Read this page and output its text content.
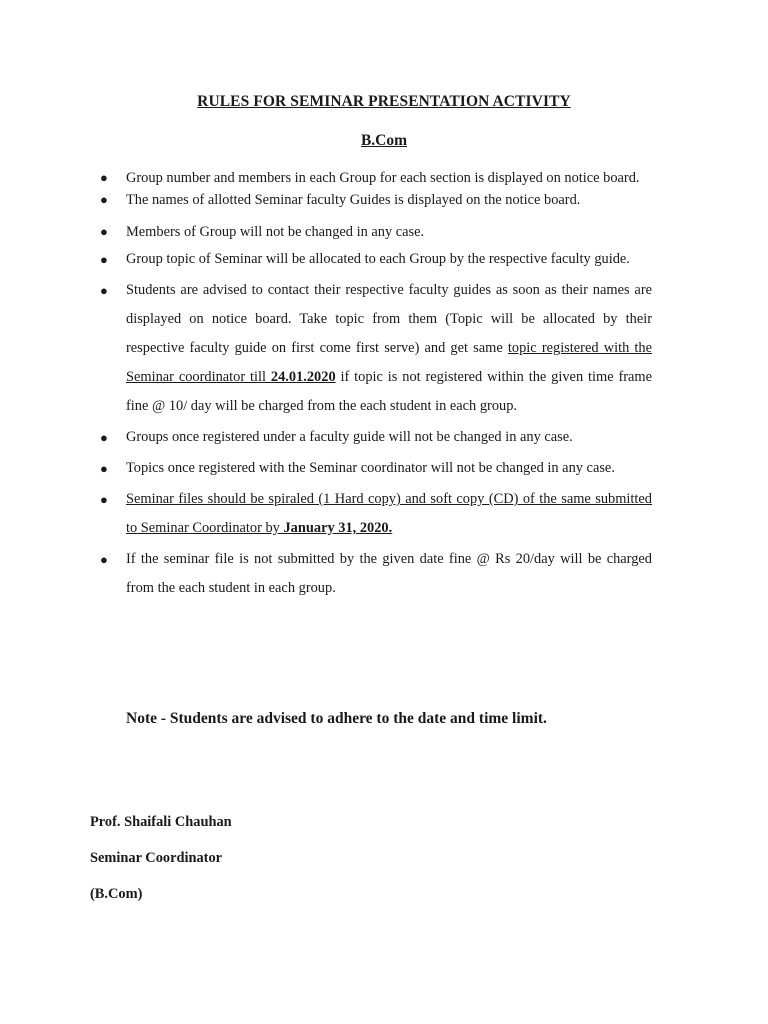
RULES FOR SEMINAR PRESENTATION ACTIVITY
B.Com
● Group number and members in each Group for each section is displayed on notice board.
● The names of allotted Seminar faculty Guides is displayed on the notice board.
● Members of Group will not be changed in any case.
● Group topic of Seminar will be allocated to each Group by the respective faculty guide.
● Students are advised to contact their respective faculty guides as soon as their names are displayed on notice board. Take topic from them (Topic will be allocated by their respective faculty guide on first come first serve) and get same topic registered with the Seminar coordinator till 24.01.2020 if topic is not registered within the given time frame fine @ 10/ day will be charged from the each student in each group.
● Groups once registered under a faculty guide will not be changed in any case.
● Topics once registered with the Seminar coordinator will not be changed in any case.
● Seminar files should be spiraled (1 Hard copy) and soft copy (CD) of the same submitted to Seminar Coordinator by January 31, 2020.
● If the seminar file is not submitted by the given date fine @ Rs 20/day will be charged from the each student in each group.
Note - Students are advised to adhere to the date and time limit.
Prof. Shaifali Chauhan
Seminar Coordinator
(B.Com)
